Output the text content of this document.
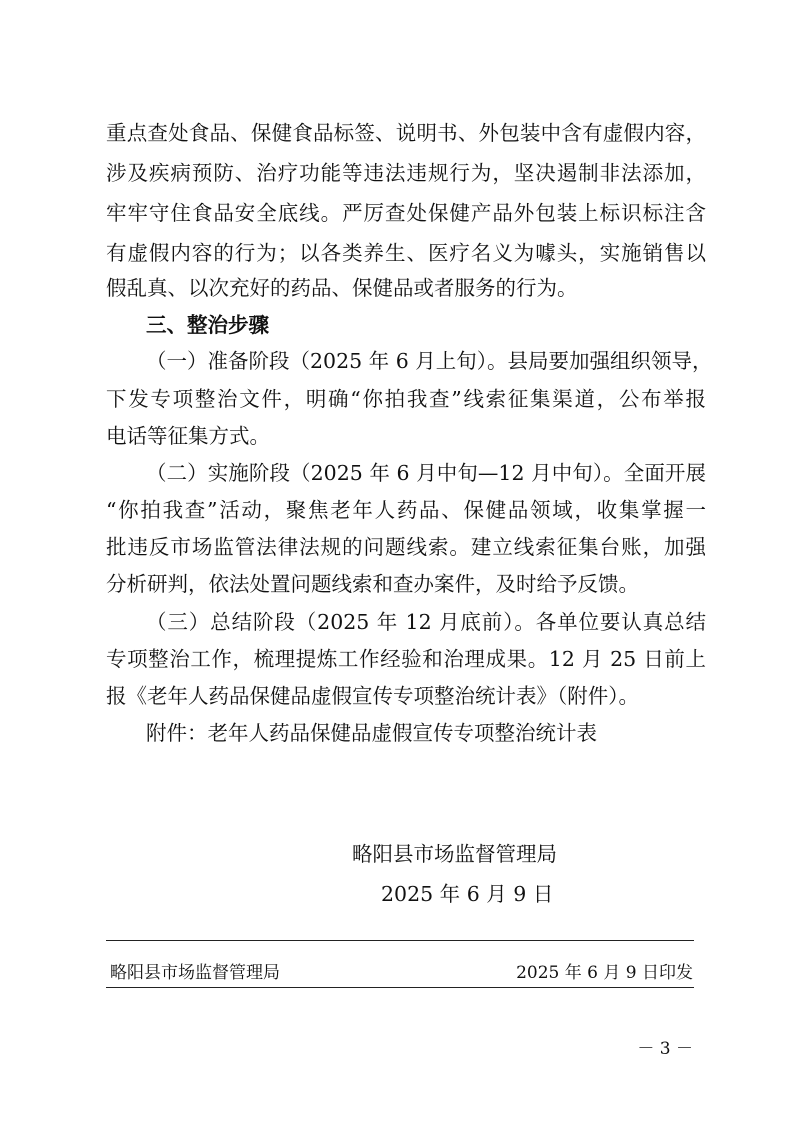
重点查处食品、保健食品标签、说明书、外包装中含有虚假内容，
涉及疾病预防、治疗功能等违法违规行为，坚决遏制非法添加，
牢牢守住食品安全底线。严厉查处保健产品外包装上标识标注含
有虚假内容的行为；以各类养生、医疗名义为噱头，实施销售以
假乱真、以次充好的药品、保健品或者服务的行为。
三、整治步骤
（一）准备阶段（2025 年 6 月上旬）。县局要加强组织领导，
下发专项整治文件，明确“你拍我查”线索征集渠道，公布举报
电话等征集方式。
（二）实施阶段（2025 年 6 月中旬—12 月中旬）。全面开展
“你拍我查”活动，聚焦老年人药品、保健品领域，收集掌握一
批违反市场监管法律法规的问题线索。建立线索征集台账，加强
分析研判，依法处置问题线索和查办案件，及时给予反馈。
（三）总结阶段（2025 年 12 月底前）。各单位要认真总结
专项整治工作，梳理提炼工作经验和治理成果。12 月 25 日前上
报《老年人药品保健品虚假宣传专项整治统计表》（附件）。
附件：老年人药品保健品虚假宣传专项整治统计表
略阳县市场监督管理局
2025 年 6 月 9 日
略阳县市场监督管理局	2025 年 6 月 9 日印发
－ 3 －
